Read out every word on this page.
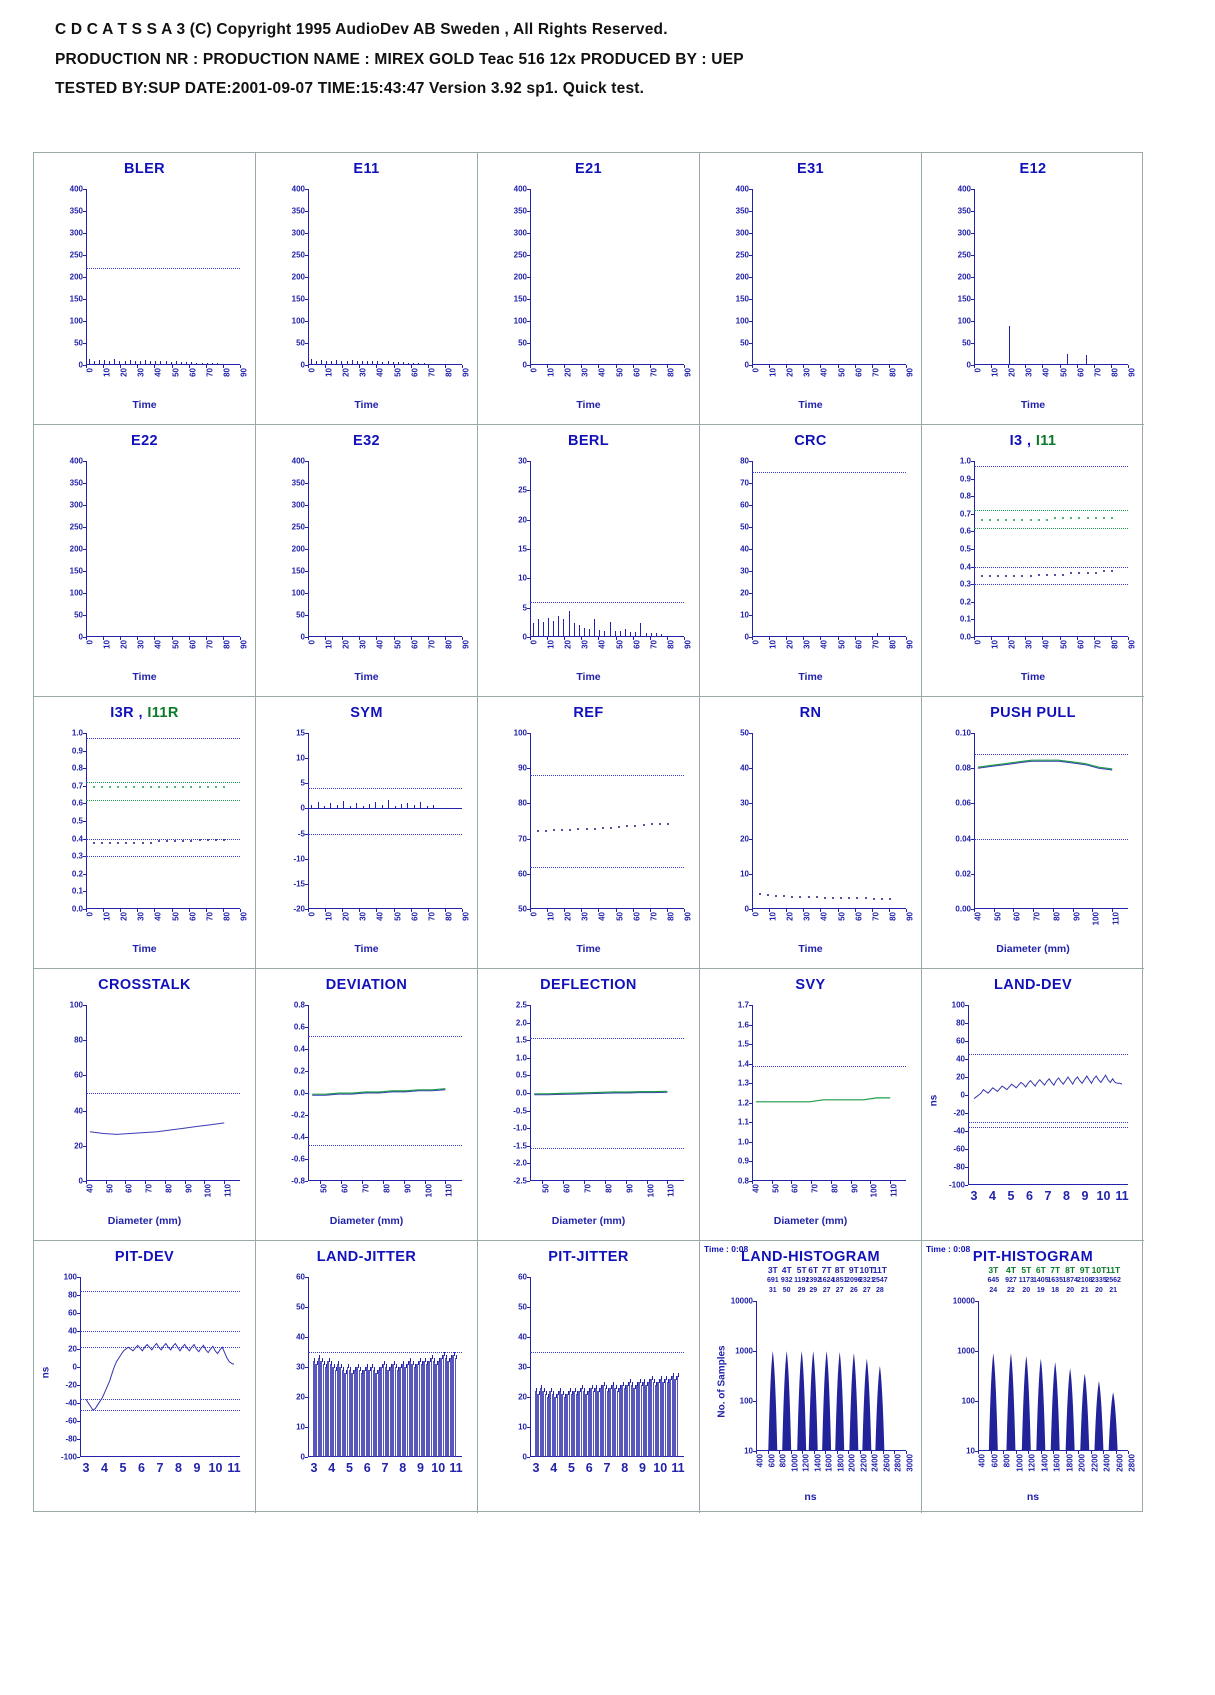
C D C A T S S A 3 (C) Copyright 1995 AudioDev AB Sweden , All Rights Reserved.
PRODUCTION NR : PRODUCTION NAME : MIREX GOLD Teac 516 12x PRODUCED BY : UEP
TESTED BY:SUP DATE:2001-09-07 TIME:15:43:47 Version 3.92 sp1. Quick test.
BLER
0
50
100
150
200
250
300
350
400
0 10 20 30 40 50 60 70 80 90
Time
E11
0
50
100
150
200
250
300
350
400
0 10 20 30 40 50 60 70 80 90
Time
E21
0
50
100
150
200
250
300
350
400
0 10 20 30 40 50 60 70 80 90
Time
E31
0
50
100
150
200
250
300
350
400
0 10 20 30 40 50 60 70 80 90
Time
E12
0
50
100
150
200
250
300
350
400
0 10 20 30 40 50 60 70 80 90
Time
E22
0
50
100
150
200
250
300
350
400
0 10 20 30 40 50 60 70 80 90
Time
E32
0
50
100
150
200
250
300
350
400
0 10 20 30 40 50 60 70 80 90
Time
BERL
0
5
10
15
20
25
30
0 10 20 30 40 50 60 70 80 90
Time
CRC
0
10
20
30
40
50
60
70
80
0 10 20 30 40 50 60 70 80 90
Time
I3 , I11
0.0
0.1
0.2
0.3
0.4
0.5
0.6
0.7
0.8
0.9
1.0
0 10 20 30 40 50 60 70 80 90
Time
I3R , I11R
0.0
0.1
0.2
0.3
0.4
0.5
0.6
0.7
0.8
0.9
1.0
0 10 20 30 40 50 60 70 80 90
Time
SYM
-20
-15
-10
-5
0
5
10
15
0 10 20 30 40 50 60 70 80 90
Time
REF
50
60
70
80
90
100
0 10 20 30 40 50 60 70 80 90
Time
RN
0
10
20
30
40
50
0 10 20 30 40 50 60 70 80 90
Time
PUSH PULL
0.00
0.02
0.04
0.06
0.08
0.10
40 50 60 70 80 90 100 110
Diameter (mm)
CROSSTALK
0
20
40
60
80
100
40 50 60 70 80 90 100 110
Diameter (mm)
DEVIATION
-0.8
-0.6
-0.4
-0.2
0.0
0.2
0.4
0.6
0.8
50 60 70 80 90 100 110
Diameter (mm)
DEFLECTION
-2.5
-2.0
-1.5
-1.0
-0.5
0.0
0.5
1.0
1.5
2.0
2.5
50 60 70 80 90 100 110
Diameter (mm)
SVY
0.8
0.9
1.0
1.1
1.2
1.3
1.4
1.5
1.6
1.7
40 50 60 70 80 90 100 110
Diameter (mm)
LAND-DEV
-100
-80
-60
-40
-20
0
20
40
60
80
100
3 4 5 6 7 8 9 10 11
ns
PIT-DEV
-100
-80
-60
-40
-20
0
20
40
60
80
100
3 4 5 6 7 8 9 10 11
ns
LAND-JITTER
0
10
20
30
40
50
60
3 4 5 6 7 8 9 10 11
PIT-JITTER
0
10
20
30
40
50
60
3 4 5 6 7 8 9 10 11
Time : 0:08
LAND-HISTOGRAM
10
100
1000
10000
400 600 800 1000 1200 1400 1600 1800 2000 2200 2400 2600 2800 3000
3T
691
31
4T
932
50
5T
1192
29
6T
1392
29
7T
1624
27
8T
1851
27
9T
2096
26
10T
2321
27
11T
2547
28
ns
No. of Samples
Time : 0:08 PIT-HISTOGRAM
10
100
1000
10000
400 600 800 1000 1200 1400 1600 1800 2000 2200 2400 2600 2800
3T
645
24
4T
927
22
5T
1173
20
6T
1405
19
7T
1635
18
8T
1874
20
9T
2108
21
10T
2335
20
11T
2562
21
ns
